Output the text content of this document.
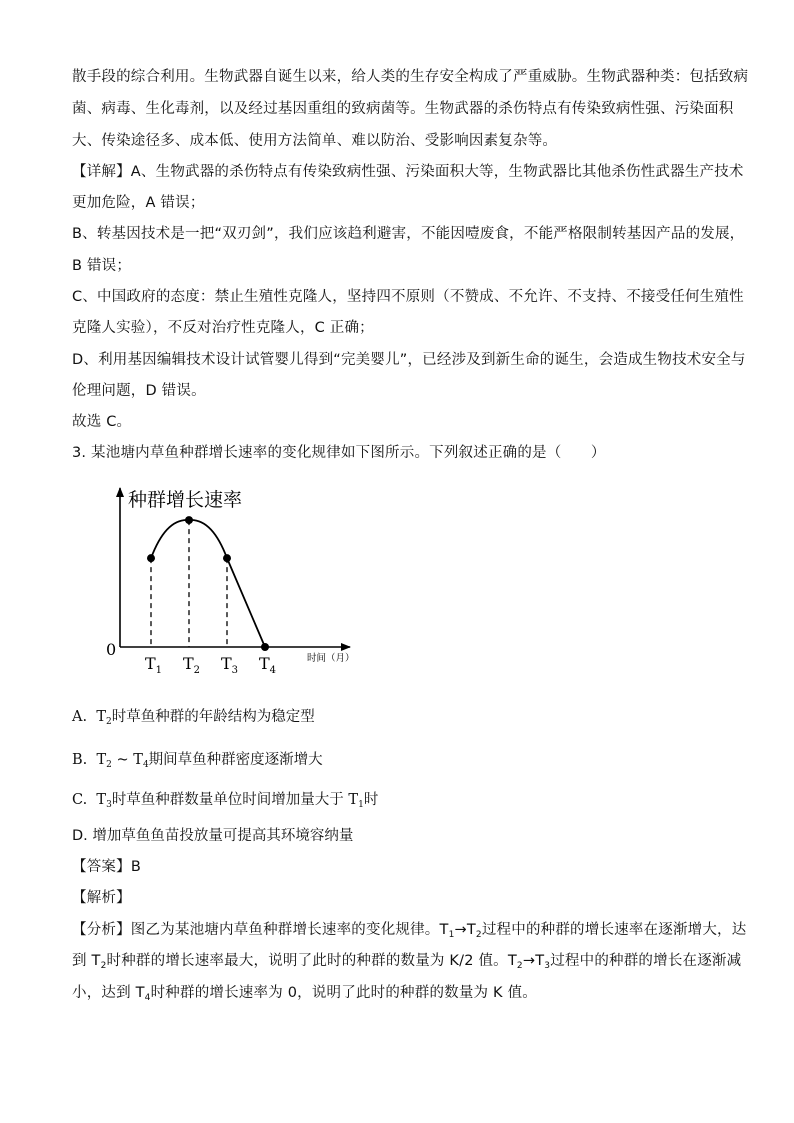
散手段的综合利用。生物武器自诞生以来，给人类的生存安全构成了严重威胁。生物武器种类：包括致病
菌、病毒、生化毒剂，以及经过基因重组的致病菌等。生物武器的杀伤特点有传染致病性强、污染面积
大、传染途径多、成本低、使用方法简单、难以防治、受影响因素复杂等。
【详解】A、生物武器的杀伤特点有传染致病性强、污染面积大等，生物武器比其他杀伤性武器生产技术
更加危险，A 错误；
B、转基因技术是一把“双刃剑”，我们应该趋利避害，不能因噎废食，不能严格限制转基因产品的发展，
B 错误；
C、中国政府的态度：禁止生殖性克隆人，坚持四不原则（不赞成、不允许、不支持、不接受任何生殖性
克隆人实验），不反对治疗性克隆人，C 正确；
D、利用基因编辑技术设计试管婴儿得到“完美婴儿”，已经涉及到新生命的诞生，会造成生物技术安全与
伦理问题，D 错误。
故选 C。
3. 某池塘内草鱼种群增长速率的变化规律如下图所示。下列叙述正确的是（　　）
种群增长速率
0	时间（月）
$T_1$ $T_2$ $T_3$ $T_4$
A. $T_2$时草鱼种群的年龄结构为稳定型
B. $T_2$ ~ $T_4$期间草鱼种群密度逐渐增大
C. $T_3$时草鱼种群数量单位时间增加量大于 $T_1$时
D. 增加草鱼鱼苗投放量可提高其环境容纳量
【答案】B
【解析】
【分析】图乙为某池塘内草鱼种群增长速率的变化规律。$T_1\to T_2$过程中的种群的增长速率在逐渐增大，达
到 $T_2$时种群的增长速率最大，说明了此时的种群的数量为 K/2 值。$T_2\to T_3$过程中的种群的增长在逐渐减
小，达到 $T_4$时种群的增长速率为 0，说明了此时的种群的数量为 K 值。
